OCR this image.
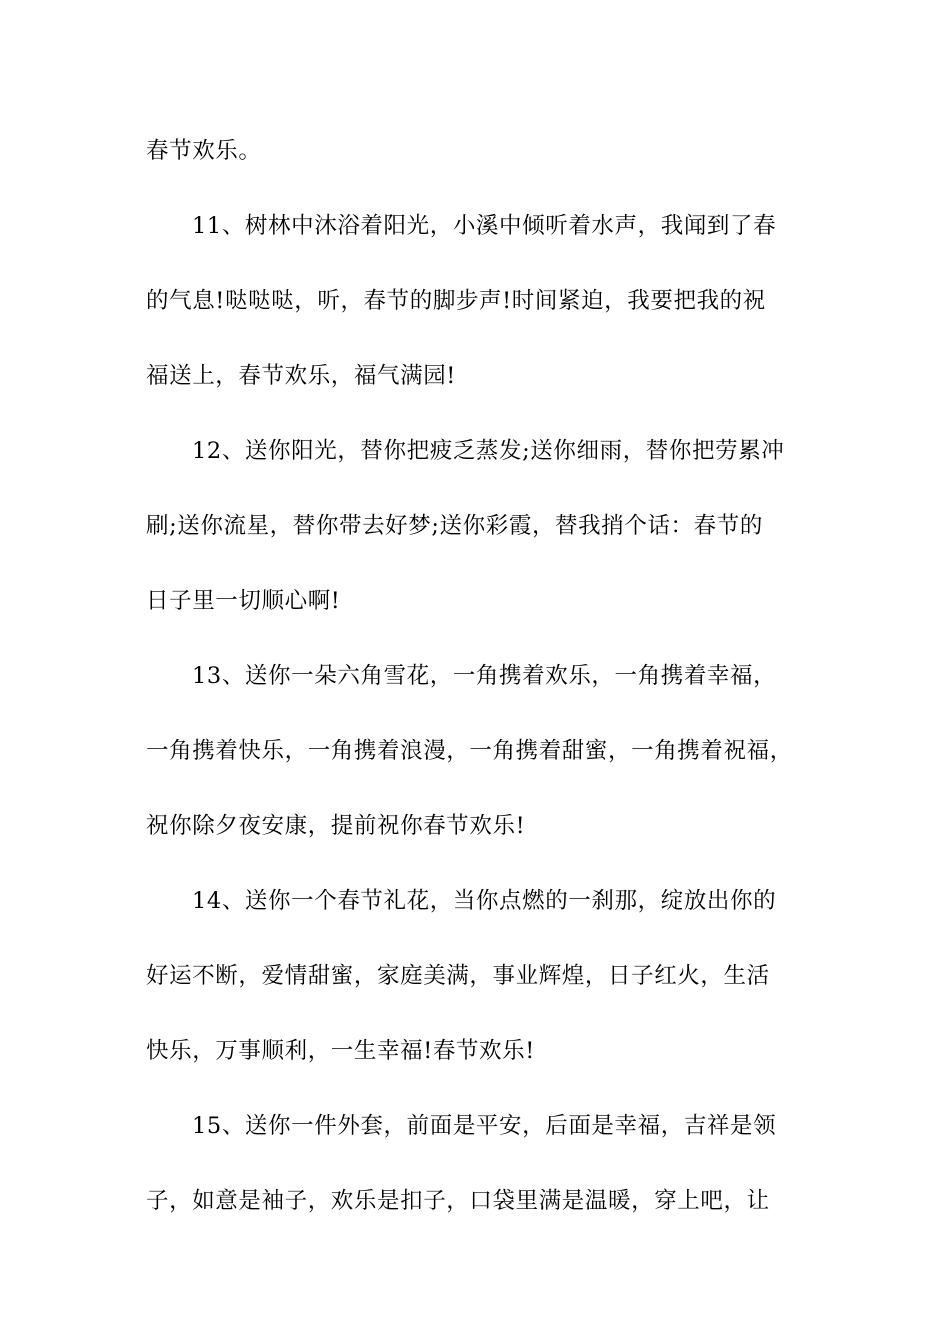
春节欢乐。
11、树林中沐浴着阳光，小溪中倾听着水声，我闻到了春
的气息!哒哒哒，听，春节的脚步声!时间紧迫，我要把我的祝
福送上，春节欢乐，福气满园!
12、送你阳光，替你把疲乏蒸发;送你细雨，替你把劳累冲
刷;送你流星，替你带去好梦;送你彩霞，替我捎个话：春节的
日子里一切顺心啊!
13、送你一朵六角雪花，一角携着欢乐，一角携着幸福，
一角携着快乐，一角携着浪漫，一角携着甜蜜，一角携着祝福，
祝你除夕夜安康，提前祝你春节欢乐!
14、送你一个春节礼花，当你点燃的一刹那，绽放出你的
好运不断，爱情甜蜜，家庭美满，事业辉煌，日子红火，生活
快乐，万事顺利，一生幸福!春节欢乐!
15、送你一件外套，前面是平安，后面是幸福，吉祥是领
子，如意是袖子，欢乐是扣子，口袋里满是温暖，穿上吧，让
